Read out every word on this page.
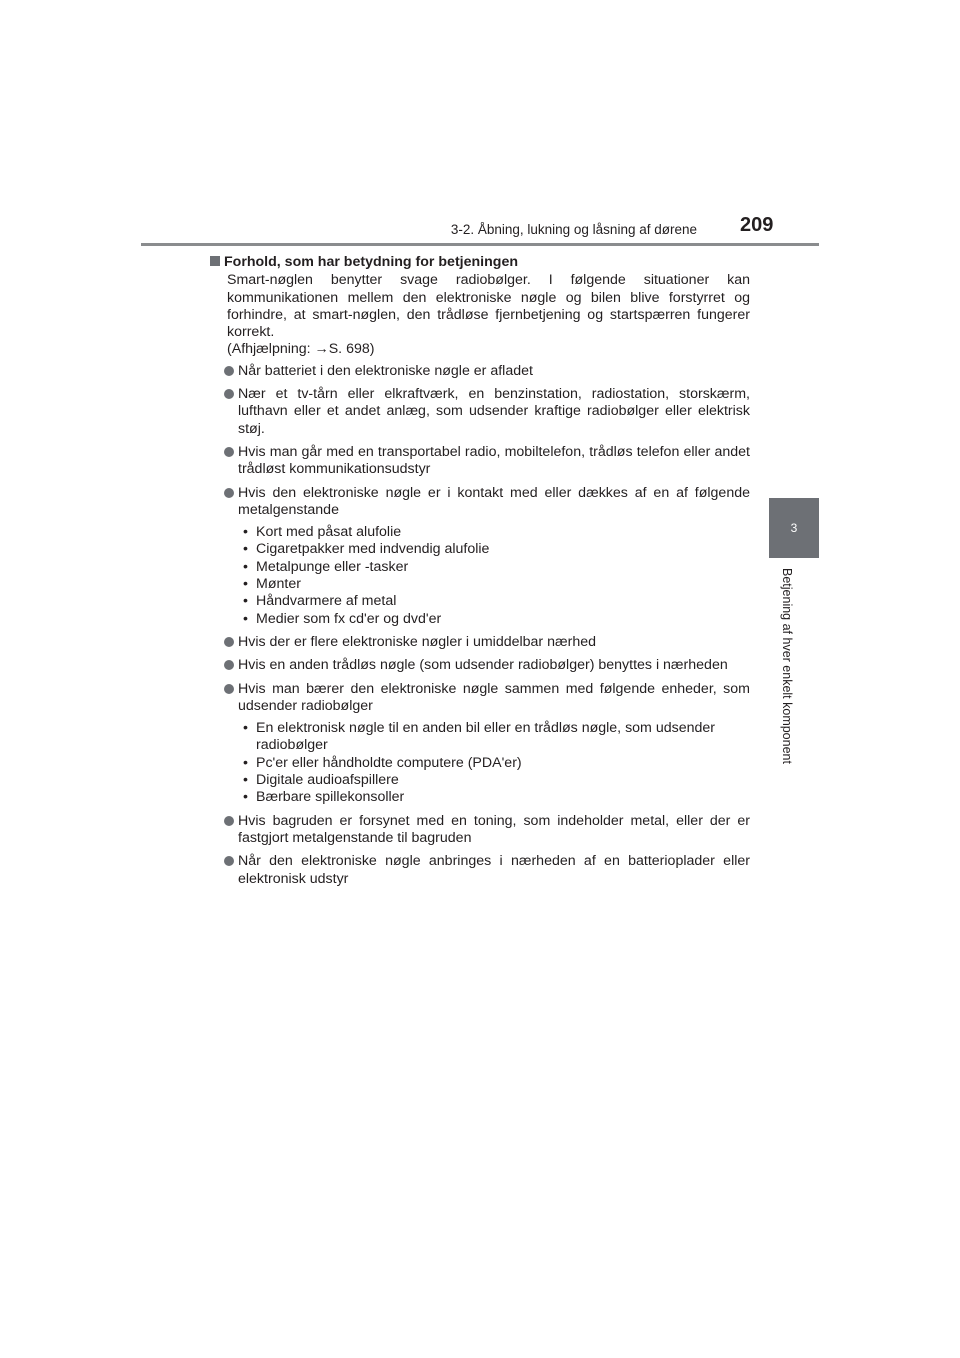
3-2. Åbning, lukning og låsning af dørene 209
3
Betjening af hver enkelt komponent

Forhold, som har betydning for betjeningen

Smart-nøglen benytter svage radiobølger. I følgende situationer kan kommunikationen mellem den elektroniske nøgle og bilen blive forstyrret og forhindre, at smart-nøglen, den trådløse fjernbetjening og startspærren fungerer korrekt.

(Afhjælpning: →S. 698)

Når batteriet i den elektroniske nøgle er afladet
Nær et tv-tårn eller elkraftværk, en benzinstation, radiostation, storskærm, lufthavn eller et andet anlæg, som udsender kraftige radiobølger eller elektrisk støj.
Hvis man går med en transportabel radio, mobiltelefon, trådløs telefon eller andet trådløst kommunikationsudstyr
Hvis den elektroniske nøgle er i kontakt med eller dækkes af en af følgende metalgenstande
• Kort med påsat alufolie
• Cigaretpakker med indvendig alufolie
• Metalpunge eller -tasker
• Mønter
• Håndvarmere af metal
• Medier som fx cd'er og dvd'er
Hvis der er flere elektroniske nøgler i umiddelbar nærhed
Hvis en anden trådløs nøgle (som udsender radiobølger) benyttes i nærheden
Hvis man bærer den elektroniske nøgle sammen med følgende enheder, som udsender radiobølger
• En elektronisk nøgle til en anden bil eller en trådløs nøgle, som udsender radiobølger
• Pc'er eller håndholdte computere (PDA'er)
• Digitale audioafspillere
• Bærbare spillekonsoller
Hvis bagruden er forsynet med en toning, som indeholder metal, eller der er fastgjort metalgenstande til bagruden
Når den elektroniske nøgle anbringes i nærheden af en batterioplader eller elektronisk udstyr
